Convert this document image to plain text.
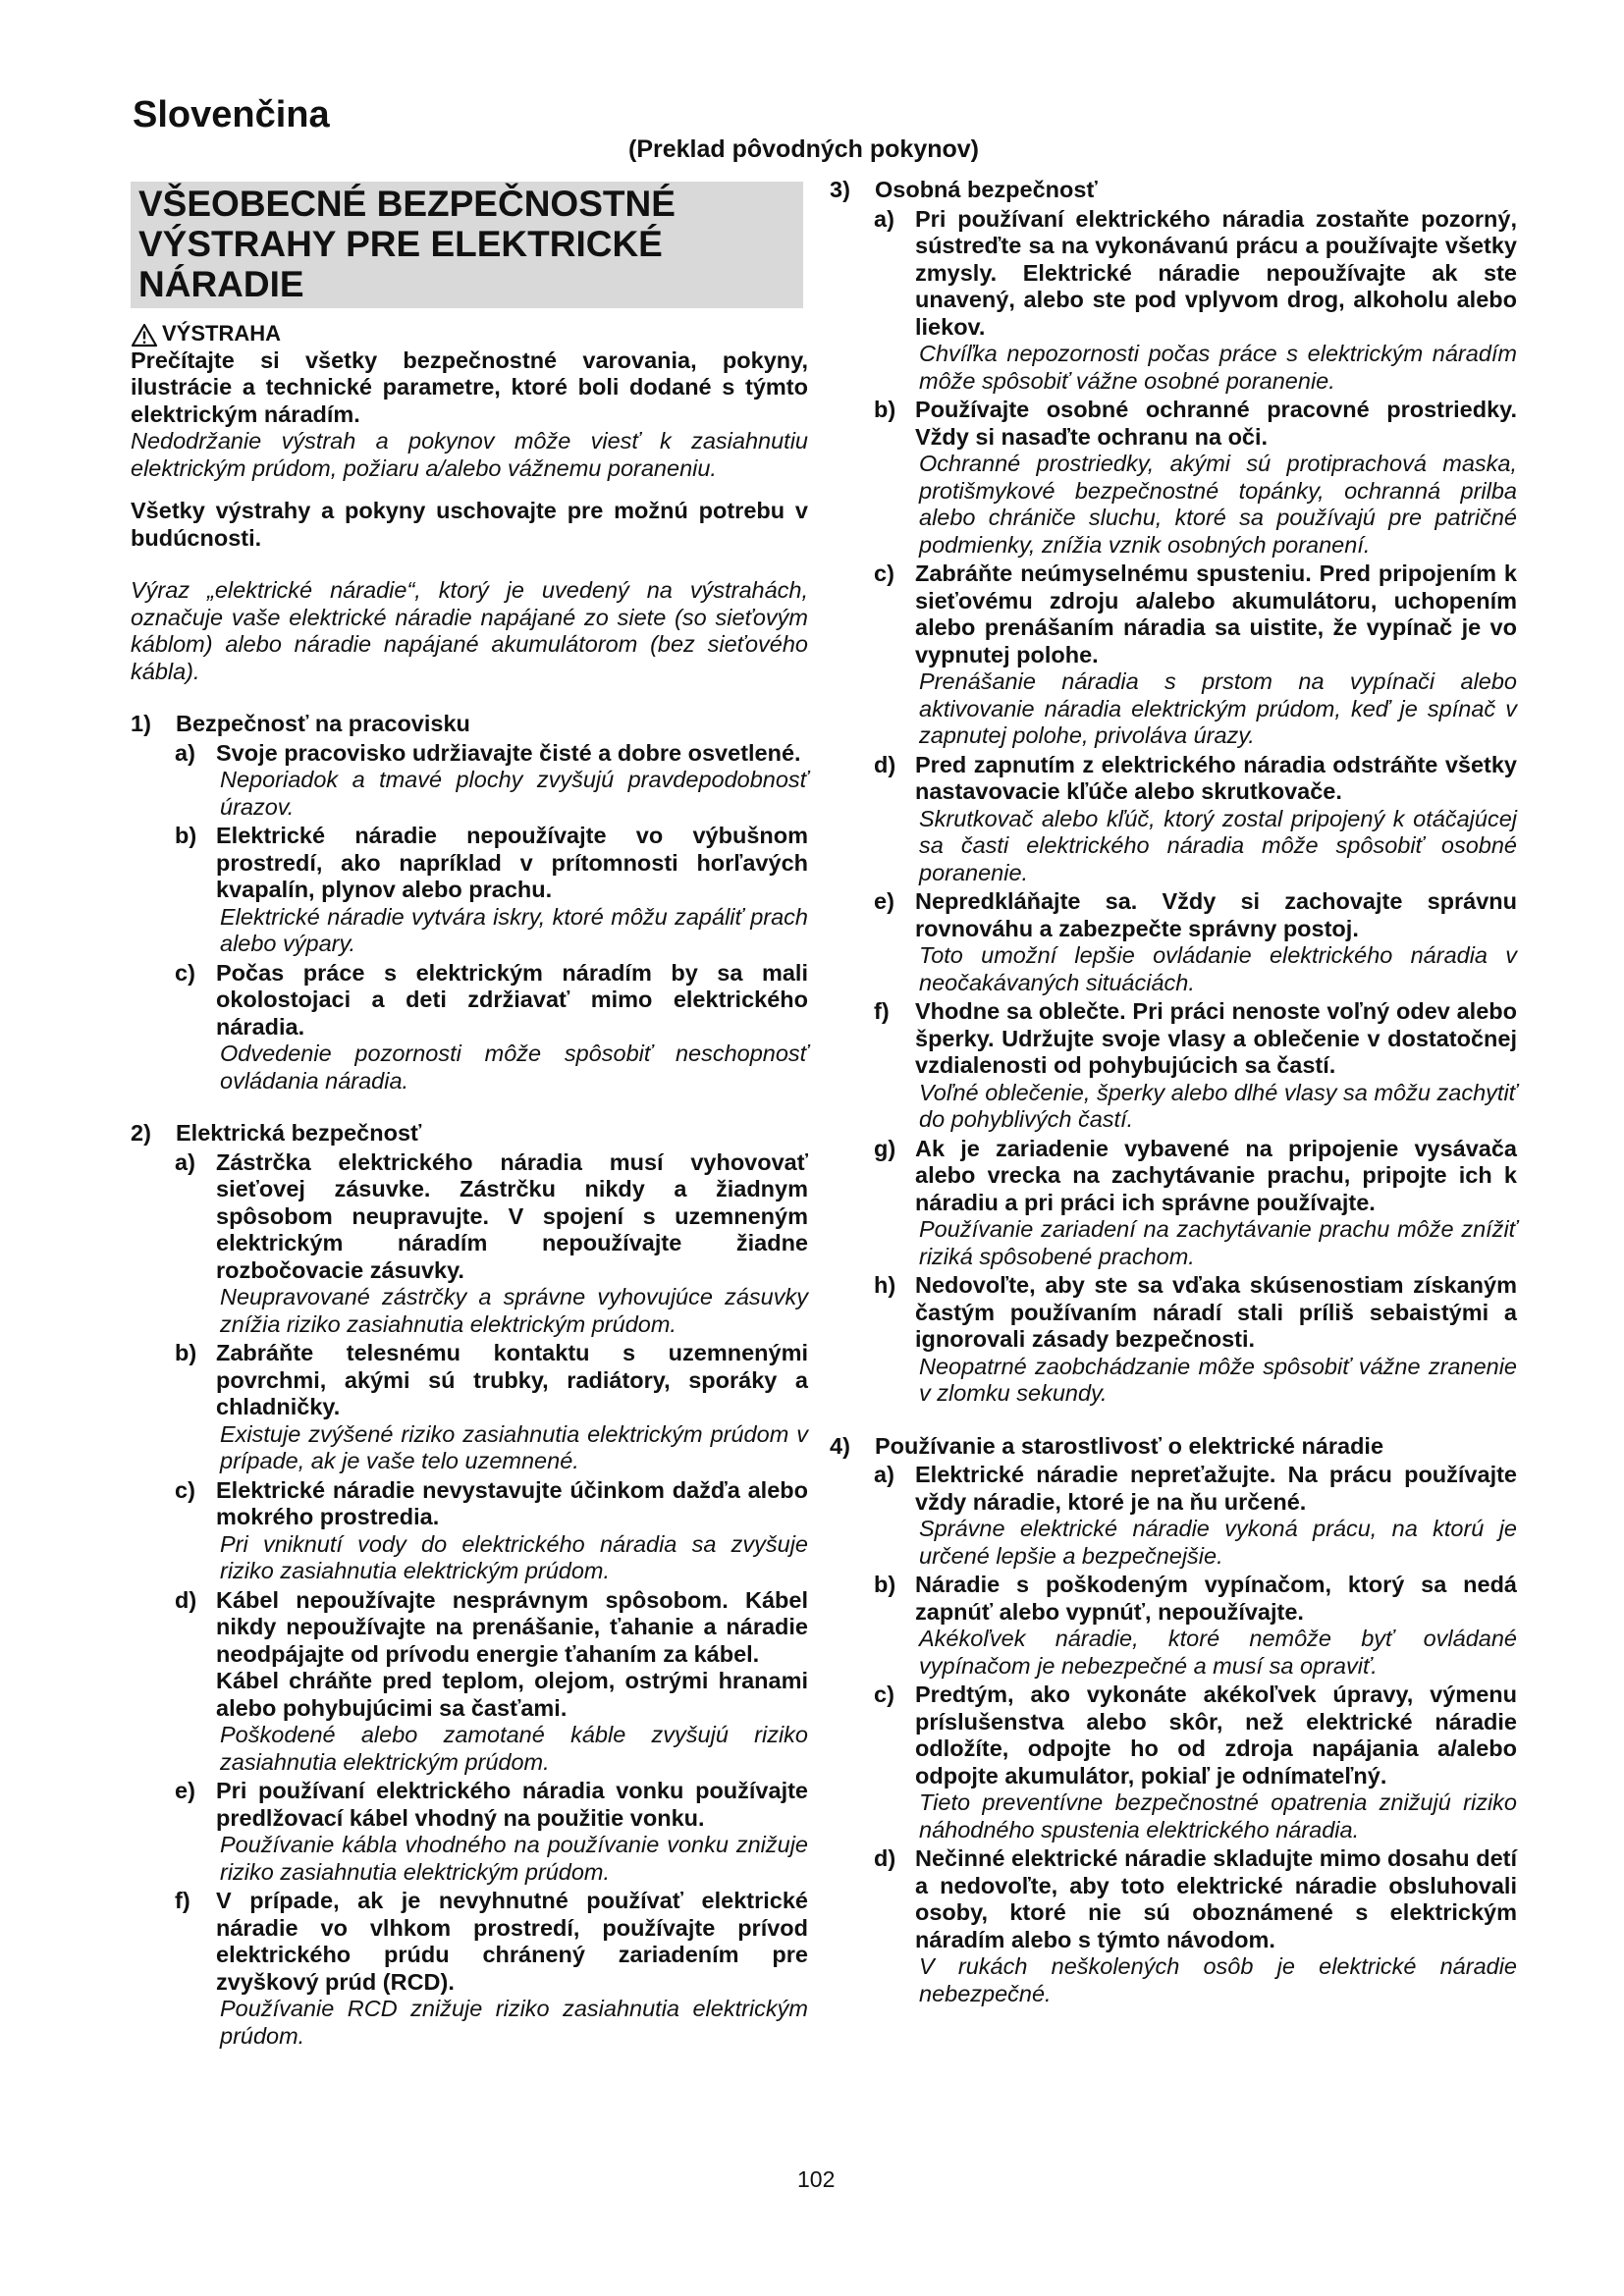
Slovenčina
(Preklad pôvodných pokynov)
VŠEOBECNÉ BEZPEČNOSTNÉ
VÝSTRAHY PRE ELEKTRICKÉ
NÁRADIE
VÝSTRAHA

Prečítajte si všetky bezpečnostné varovania, pokyny, ilustrácie a technické parametre, ktoré boli dodané s týmto elektrickým náradím.

Nedodržanie výstrah a pokynov môže viesť k zasiahnutiu elektrickým prúdom, požiaru a/alebo vážnemu poraneniu.

Všetky výstrahy a pokyny uschovajte pre možnú potrebu v budúcnosti.

Výraz „elektrické náradie“, ktorý je uvedený na výstrahách, označuje vaše elektrické náradie napájané zo siete (so sieťovým káblom) alebo náradie napájané akumulátorom (bez sieťového kábla).

1)	Bezpečnosť na pracovisku
a) Svoje pracovisko udržiavajte čisté a dobre osvetlené.

Neporiadok a tmavé plochy zvyšujú pravdepodobnosť úrazov.

b) Elektrické náradie nepoužívajte vo výbušnom prostredí, ako napríklad v prítomnosti horľavých kvapalín, plynov alebo prachu.

Elektrické náradie vytvára iskry, ktoré môžu zapáliť prach alebo výpary.

c) Počas práce s elektrickým náradím by sa mali okolostojaci a deti zdržiavať mimo elektrického náradia.

Odvedenie pozornosti môže spôsobiť neschopnosť ovládania náradia.

2)	Elektrická bezpečnosť
a) Zástrčka elektrického náradia musí vyhovovať sieťovej zásuvke. Zástrčku nikdy a žiadnym spôsobom neupravujte. V spojení s uzemneným elektrickým náradím nepoužívajte žiadne rozbočovacie zásuvky.

Neupravované zástrčky a správne vyhovujúce zásuvky znížia riziko zasiahnutia elektrickým prúdom.

b) Zabráňte telesnému kontaktu s uzemnenými povrchmi, akými sú trubky, radiátory, sporáky a chladničky.

Existuje zvýšené riziko zasiahnutia elektrickým prúdom v prípade, ak je vaše telo uzemnené.

c) Elektrické náradie nevystavujte účinkom dažďa alebo mokrého prostredia.

Pri vniknutí vody do elektrického náradia sa zvyšuje riziko zasiahnutia elektrickým prúdom.

d) Kábel nepoužívajte nesprávnym spôsobom. Kábel nikdy nepoužívajte na prenášanie, ťahanie a náradie neodpájajte od prívodu energie ťahaním za kábel.

Kábel chráňte pred teplom, olejom, ostrými hranami alebo pohybujúcimi sa časťami.

Poškodené alebo zamotané káble zvyšujú riziko zasiahnutia elektrickým prúdom.

e) Pri používaní elektrického náradia vonku používajte predlžovací kábel vhodný na použitie vonku.

Používanie kábla vhodného na používanie vonku znižuje riziko zasiahnutia elektrickým prúdom.

f)	V prípade, ak je nevyhnutné používať elektrické náradie vo vlhkom prostredí, používajte prívod elektrického prúdu chránený zariadením pre zvyškový prúd (RCD).

Používanie RCD znižuje riziko zasiahnutia elektrickým prúdom.

3)	Osobná bezpečnosť
a) Pri používaní elektrického náradia zostaňte pozorný, sústreďte sa na vykonávanú prácu a používajte všetky zmysly. Elektrické náradie nepoužívajte ak ste unavený, alebo ste pod vplyvom drog, alkoholu alebo liekov.

Chvíľka nepozornosti počas práce s elektrickým náradím môže spôsobiť vážne osobné poranenie.

b) Používajte osobné ochranné pracovné prostriedky. Vždy si nasaďte ochranu na oči.

Ochranné prostriedky, akými sú protiprachová maska, protišmykové bezpečnostné topánky, ochranná prilba alebo chrániče sluchu, ktoré sa používajú pre patričné podmienky, znížia vznik osobných poranení.

c) Zabráňte neúmyselnému spusteniu. Pred pripojením k sieťovému zdroju a/alebo akumulátoru, uchopením alebo prenášaním náradia sa uistite, že vypínač je vo vypnutej polohe.

Prenášanie náradia s prstom na vypínači alebo aktivovanie náradia elektrickým prúdom, keď je spínač v zapnutej polohe, privoláva úrazy.

d) Pred zapnutím z elektrického náradia odstráňte všetky nastavovacie kľúče alebo skrutkovače.

Skrutkovač alebo kľúč, ktorý zostal pripojený k otáčajúcej sa časti elektrického náradia môže spôsobiť osobné poranenie.

e) Nepredkláňajte sa. Vždy si zachovajte správnu rovnováhu a zabezpečte správny postoj.

Toto umožní lepšie ovládanie elektrického náradia v neočakávaných situáciách.

f)	Vhodne sa oblečte. Pri práci nenoste voľný odev alebo šperky. Udržujte svoje vlasy a oblečenie v dostatočnej vzdialenosti od pohybujúcich sa častí.

Voľné oblečenie, šperky alebo dlhé vlasy sa môžu zachytiť do pohyblivých častí.

g) Ak je zariadenie vybavené na pripojenie vysávača alebo vrecka na zachytávanie prachu, pripojte ich k náradiu a pri práci ich správne používajte.

Používanie zariadení na zachytávanie prachu môže znížiť riziká spôsobené prachom.

h) Nedovoľte, aby ste sa vďaka skúsenostiam získaným častým používaním náradí stali príliš sebaistými a ignorovali zásady bezpečnosti.

Neopatrné zaobchádzanie môže spôsobiť vážne zranenie v zlomku sekundy.

4)	Používanie a starostlivosť o elektrické náradie
a) Elektrické náradie nepreťažujte. Na prácu používajte vždy náradie, ktoré je na ňu určené.

Správne elektrické náradie vykoná prácu, na ktorú je určené lepšie a bezpečnejšie.

b) Náradie s poškodeným vypínačom, ktorý sa nedá zapnúť alebo vypnúť, nepoužívajte.

Akékoľvek náradie, ktoré nemôže byť ovládané vypínačom je nebezpečné a musí sa opraviť.

c) Predtým, ako vykonáte akékoľvek úpravy, výmenu príslušenstva alebo skôr, než elektrické náradie odložíte, odpojte ho od zdroja napájania a/alebo odpojte akumulátor, pokiaľ je odnímateľný.

Tieto preventívne bezpečnostné opatrenia znižujú riziko náhodného spustenia elektrického náradia.

d) Nečinné elektrické náradie skladujte mimo dosahu detí a nedovoľte, aby toto elektrické náradie obsluhovali osoby, ktoré nie sú oboznámené s elektrickým náradím alebo s týmto návodom.

V rukách neškolených osôb je elektrické náradie nebezpečné.

102
